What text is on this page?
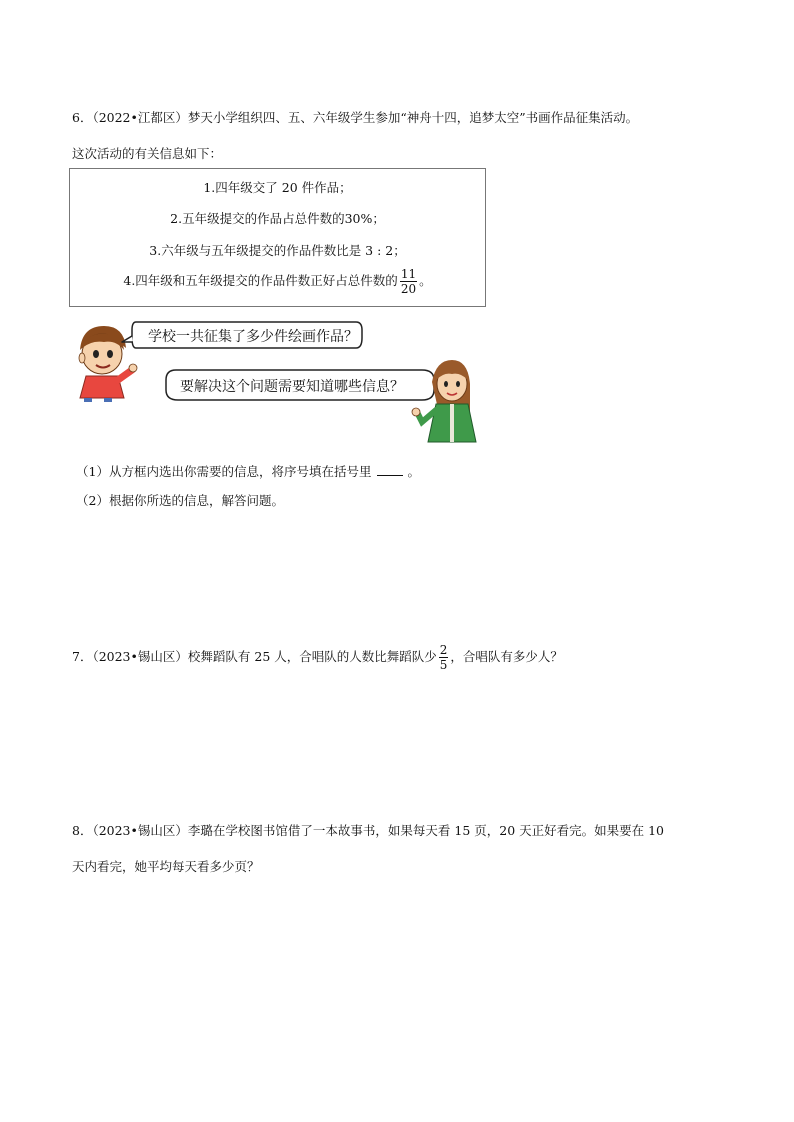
6．（2022•江都区）梦天小学组织四、五、六年级学生参加“神舟十四，追梦太空”书画作品征集活动。
这次活动的有关信息如下：
1.四年级交了 20 件作品；
2.五年级提交的作品占总件数的30%；
3.六年级与五年级提交的作品件数比是 3 : 2；
4.四年级和五年级提交的作品件数正好占总件数的 $\frac{11}{20}$ 。
学校一共征集了多少件绘画作品？
要解决这个问题需要知道哪些信息？
（1）从方框内选出你需要的信息，将序号填在括号里	。
（2）根据你所选的信息，解答问题。
7．（2023•锡山区）校舞蹈队有 25 人，合唱队的人数比舞蹈队少 $\frac{2}{5}$ ，合唱队有多少人？
8．（2023•锡山区）李璐在学校图书馆借了一本故事书，如果每天看 15 页，20 天正好看完。如果要在 10
天内看完，她平均每天看多少页？
